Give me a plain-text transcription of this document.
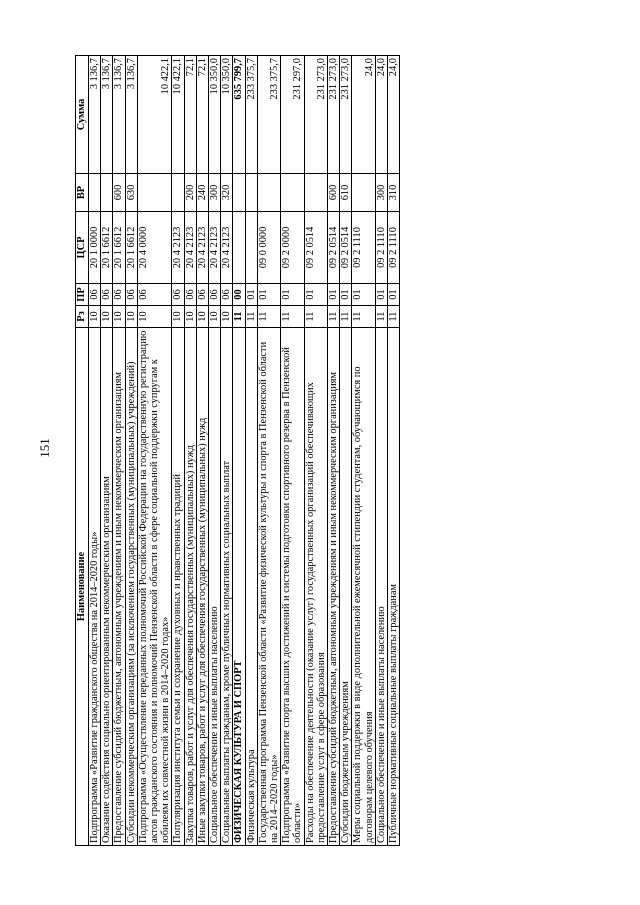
151
Наименование	Рз	ПР	ЦСР	ВР	Сумма
Подпрограмма «Развитие гражданского общества на 2014–2020 годы»	10	06	20 1 0000		3 136,7
Оказание содействия социально ориентированным некоммерческим организациям	10	06	20 1 6612		3 136,7
Предоставление субсидий бюджетным, автономным учреждениям и иным некоммерческим организациям	10	06	20 1 6612	600	3 136,7
Субсидии некоммерческим организациям (за исключением государственных (муниципальных) учреждений)	10	06	20 1 6612	630	3 136,7
Подпрограмма «Осуществление переданных полномочий Российской Федерации на государственную регистрацию актов гражданского состояния и полномочий Пензенской области в сфере социальной поддержки супругам к юбилеям их совместной жизни в 2014–2020 годах»	10	06	20 4 0000		10 422,1
Популяризация института семьи и сохранение духовных и нравственных традиций	10	06	20 4 2123		10 422,1
Закупка товаров, работ и услуг для обеспечения государственных (муниципальных) нужд	10	06	20 4 2123	200	72,1
Иные закупки товаров, работ и услуг для обеспечения государственных (муниципальных) нужд	10	06	20 4 2123	240	72,1
Социальное обеспечение и иные выплаты населению	10	06	20 4 2123	300	10 350,0
Социальные выплаты гражданам, кроме публичных нормативных социальных выплат	10	06	20 4 2123	320	10 350,0
ФИЗИЧЕСКАЯ КУЛЬТУРА И СПОРТ	11	00			635 799,7
Физическая культура	11	01			233 375,7
Государственная программа Пензенской области «Развитие физической культуры и спорта в Пензенской области на 2014–2020 годы»	11	01	09 0 0000		233 375,7
Подпрограмма «Развитие спорта высших достижений и системы подготовки спортивного резерва в Пензенской области»	11	01	09 2 0000		231 297,0
Расходы на обеспечение деятельности (оказание услуг) государственных организаций обеспечивающих предоставление услуг в сфере образования	11	01	09 2 0514		231 273,0
Предоставление субсидий бюджетным, автономным учреждениям и иным некоммерческим организациям	11	01	09 2 0514	600	231 273,0
Субсидии бюджетным учреждениям	11	01	09 2 0514	610	231 273,0
Меры социальной поддержки в виде дополнительной ежемесячной стипендии студентам, обучающимся по договорам целевого обучения	11	01	09 2 1110		24,0
Социальное обеспечение и иные выплаты населению	11	01	09 2 1110	300	24,0
Публичные нормативные социальные выплаты гражданам	11	01	09 2 1110	310	24,0
